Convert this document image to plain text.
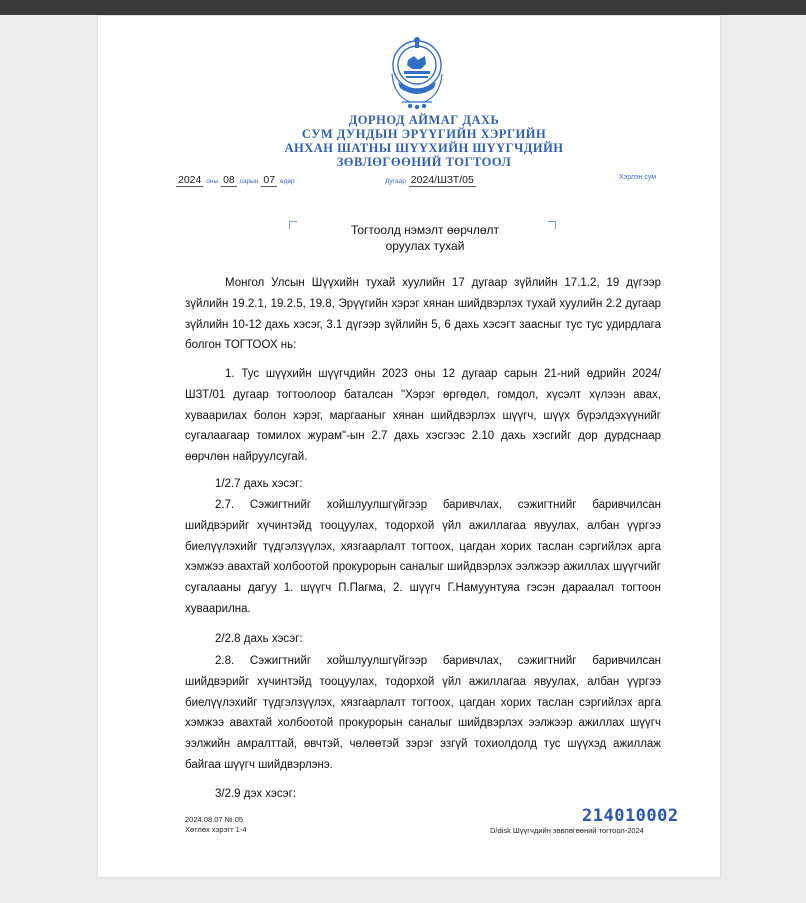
ДОРНОД АЙМАГ ДАХЬ
СУМ ДУНДЫН ЭРҮҮГИЙН ХЭРГИЙН
АНХАН ШАТНЫ ШҮҮХИЙН ШҮҮГЧДИЙН
ЗӨВЛӨГӨӨНИЙ ТОГТООЛ
2024 оны 08 сарын 07 өдөр	Дугаар 2024/ШЗТ/05	Хэрлэн сум
Тогтоолд нэмэлт өөрчлөлт
оруулах тухай

Монгол Улсын Шүүхийн тухай хуулийн 17 дугаар зүйлийн 17.1.2, 19 дүгээр зүйлийн 19.2.1, 19.2.5, 19.8, Эрүүгийн хэрэг хянан шийдвэрлэх тухай хуулийн 2.2 дугаар зүйлийн 10-12 дахь хэсэг, 3.1 дүгээр зүйлийн 5, 6 дахь хэсэгт заасныг тус тус удирдлага болгон ТОГТООХ нь:

1. Тус шүүхийн шүүгчдийн 2023 оны 12 дугаар сарын 21-ний өдрийн 2024/ШЗТ/01 дугаар тогтоолоор баталсан "Хэрэг өргөдөл, гомдол, хүсэлт хүлээн авах, хуваарилах болон хэрэг, маргааныг хянан шийдвэрлэх шүүгч, шүүх бүрэлдэхүүнийг сугалаагаар томилох журам"-ын 2.7 дахь хэсгээс 2.10 дахь хэсгийг дор дурдснаар өөрчлөн найруулсугай.

1/2.7 дахь хэсэг:

2.7. Сэжигтнийг хойшлуулшгүйгээр баривчлах, сэжигтнийг баривчилсан шийдвэрийг хүчинтэйд тооцуулах, тодорхой үйл ажиллагаа явуулах, албан үүргээ биелүүлэхийг түдгэлзүүлэх, хязгаарлалт тогтоох, цагдан хорих таслан сэргийлэх арга хэмжээ авахтай холбоотой прокурорын саналыг шийдвэрлэх ээлжээр ажиллах шүүгчийг сугалааны дагуу 1. шүүгч П.Пагма, 2. шүүгч Г.Намуунтуяа гэсэн дараалал тогтоон хуваарилна.

2/2.8 дахь хэсэг:

2.8. Сэжигтнийг хойшлуулшгүйгээр баривчлах, сэжигтнийг баривчилсан шийдвэрийг хүчинтэйд тооцуулах, тодорхой үйл ажиллагаа явуулах, албан үүргээ биелүүлэхийг түдгэлзүүлэх, хязгаарлалт тогтоох, цагдан хорих таслан сэргийлэх арга хэмжээ авахтай холбоотой прокурорын саналыг шийдвэрлэх ээлжээр ажиллах шүүгч ээлжийн амралттай, өвчтэй, чөлөөтэй зэрэг эзгүй тохиолдолд тус шүүхэд ажиллаж байгаа шүүгч шийдвэрлэнэ.

3/2.9 дэх хэсэг:
2024.08.07 № 05
Хөтлөх хэрэгт 1-4
214010002
D/disk Шүүгчдийн зөвлөгөөний тогтоол-2024
